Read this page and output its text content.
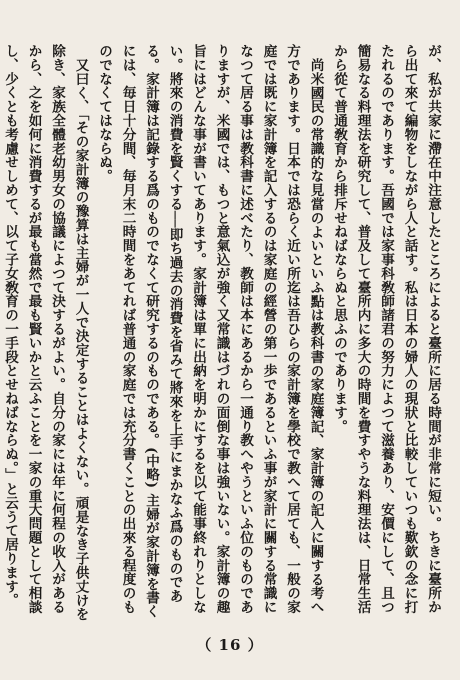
が、私が共家に滯在中注意したところによると臺所に居る時間が非常に短い。ちきに臺所から出て來て編物をしながら人と話す。私は日本の婦人の現狀と比較していつも歎欽の念に打たれるのであります。吾國では家事科敎師諸君の努力によつて滋養あり、安價にして、且つ簡易なる料理法を研究して、普及して臺所内に多大の時間を費すやうな料理法は、日常生活から從て普通敎育から排斥せねばならぬと思ふのであります。

尚米國民の常識的な見當のよいといふ點は教科書の家庭簿記、家計簿の記入に關する考へ方であります。日本では恐らく近い所迄は吾ひらの家計簿を學校で教へて居ても、一般の家庭では既に家計簿を記入するのは家庭の經營の第一歩であるといふ事が家計に關する常識になつて居る事は教科書に述べたり、教師は本にあるから一通り教へやうといふ位のものでありますが、米國では、もつと意氣込が強く又常識はづれの面倒な事は強いない。家計簿の趣旨にはどんな事が書いてあります。家計簿は單に出納を明かにするを以て能事終れりとしない。將來の消費を賢くする──即ち過去の消費を省みて將來を上手にまかなふ爲のものである。家計簿は記錄する爲のものでなくて研究するのものである。(中略) 主婦が家計簿を書くには、毎日十分間、毎月末二時間をあてれば普通の家庭では充分書くことの出來る程度のものでなくてはならぬ。

又曰く、「その家計簿の豫算は主婦が一人で決定することはよくない。頑是なき子供丈けを除き、家族全體老幼男女の協議によつて決するがよい。自分の家には年に何程の收入があるから、之を如何に消費するが最も當然で最も賢いかと云ふことを一家の重大問題として相談し、少くとも考慮せしめて、以て子女敎育の一手段とせねばならぬ。」と云うて居ります。

（ 16 ）
